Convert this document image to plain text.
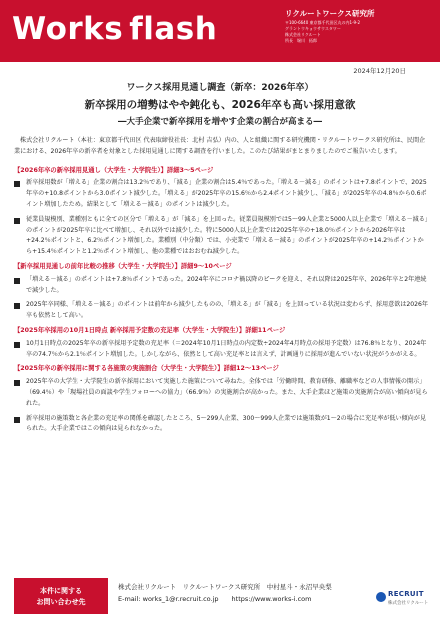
Works flash	リクルートワークス研究所
〒100-6640 東京都千代田区丸の内1-9-2
グラントウキョウサウスタワー
株式会社リクルート
所長　堀川　拓郎
2024年12月20日
ワークス採用見通し調査（新卒：2026年卒）
新卒採用の増勢はやや鈍化も、2026年卒も高い採用意欲
―大手企業で新卒採用を増やす企業の割合が高まる―

株式会社リクルート（本社：東京都千代田区 代表取締役社長：北村 吉弘）内の、人と組織に関する研究機関・リクルートワークス研究所は、民間企業における、2026年卒の新卒者を対象とした採用見通しに関する調査を行いました。このたび結果がまとまりましたのでご報告いたします。

【2026年卒の新卒採用見通し（大学生・大学院生）】詳細3～5ページ
新卒採用数が「増える」企業の割合は13.2％であり、「減る」企業の割合は5.4％であった。「増える－減る」のポイントは+7.8ポイントで、2025年卒の+10.8ポイントから3.0ポイント減少した。「増える」が2025年卒の15.6％から2.4ポイント減少し、「減る」が2025年卒の4.8％から0.6ポイント増加したため。結果として「増える－減る」のポイントは減少した。
従業員規模別、業種別ともに全ての区分で「増える」が「減る」を上回った。従業員規模別では5～99人企業と5000人以上企業で「増える－減る」のポイントが2025年卒に比べて増加し、それ以外では減少した。特に5000人以上企業では2025年卒の+18.0％ポイントから2026年卒は+24.2％ポイントと、6.2％ポイント増加した。業種別（中分類）では、小売業で「増える－減る」のポイントが2025年卒の+14.2％ポイントから+15.4％ポイントと1.2％ポイント増加し、他の業種ではおおむね減少した。
【新卒採用見通しの前年比較の推移（大学生・大学院生）】詳細9～10ページ
「増える－減る」のポイントは+7.8％ポイントであった。2024年卒にコロナ禍以降のピークを迎え、それ以降は2025年卒、2026年卒と2年連続で減少した。
2025年卒同様、「増える－減る」のポイントは前年から減少したものの、「増える」が「減る」を上回っている状況は変わらず、採用意欲は2026年卒も依然として高い。
【2025年卒採用の10月1日時点 新卒採用予定数の充足率（大学生・大学院生）】詳細11ページ
10月1日時点の2025年卒の新卒採用予定数の充足率（＝2024年10月1日時点の内定数÷2024年4月時点の採用予定数）は76.8％となり、2024年卒の74.7％から2.1％ポイント増加した。しかしながら、依然として高い充足率とは言えず、計画通りに採用が進んでいない状況がうかがえる。
【2025年卒の新卒採用に関する各施策の実施割合（大学生・大学院生）】詳細12～13ページ
2025年卒の大学生・大学院生の新卒採用において実施した施策について尋ねた。全体では「労働時間、教育研修、離職率などの人事情報の開示」（69.4％）や「現場社員の面談や学生フォローへの協力」（66.9％）の実施割合が高かった。また、大手企業ほど施策の実施割合が高い傾向が見られた。
新卒採用の施策数と各企業の充足率の関係を確認したところ、5～299人企業、300～999人企業では施策数が1～2の場合に充足率が低い傾向が見られた。大手企業ではこの傾向は見られなかった。
本件に関する
お問い合わせ先
株式会社リクルート　リクルートワークス研究所　中村星斗・永沼早央梨
E-mail: works_1@r.recruit.co.jp　　https://www.works-i.com
RECRUIT
株式会社リクルート
